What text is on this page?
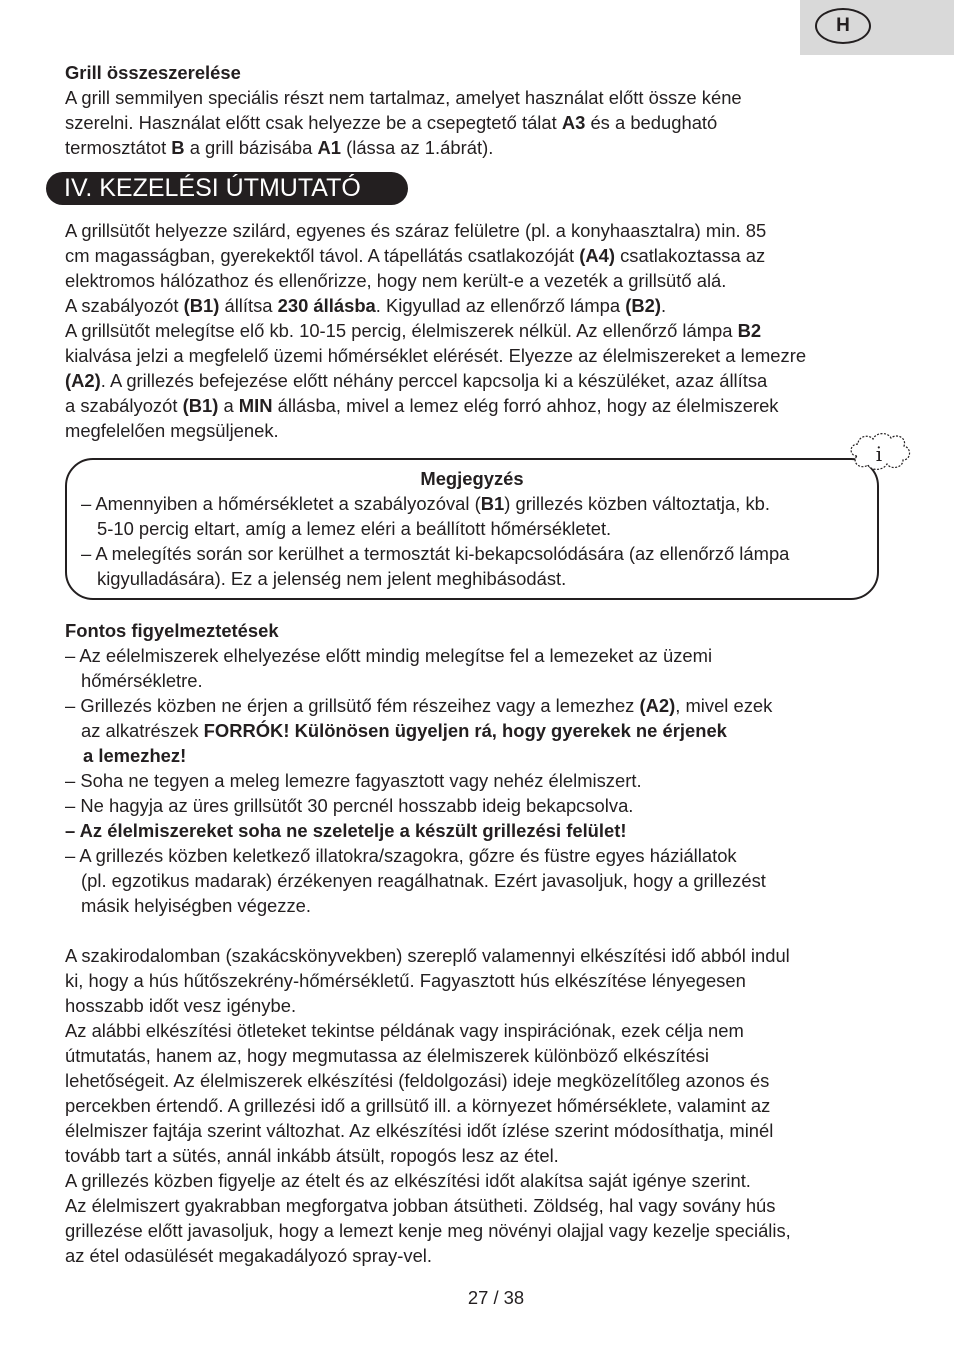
H
Grill összeszerelése
A grill semmilyen speciális részt nem tartalmaz, amelyet használat előtt össze kéne
szerelni. Használat előtt csak helyezze be a csepegtető tálat A3 és a bedugható
termosztátot B a grill bázisába A1 (lássa az 1.ábrát).
IV. KEZELÉSI ÚTMUTATÓ
A grillsütőt helyezze szilárd, egyenes és száraz felületre (pl. a konyhaasztalra) min. 85
cm magasságban, gyerekektől távol. A tápellátás csatlakozóját (A4) csatlakoztassa az
elektromos hálózathoz és ellenőrizze, hogy nem került-e a vezeték a grillsütő alá.
A szabályozót (B1) állítsa 230 állásba. Kigyullad az ellenőrző lámpa (B2).
A grillsütőt melegítse elő kb. 10-15 percig, élelmiszerek nélkül. Az ellenőrző lámpa B2
kialvása jelzi a megfelelő üzemi hőmérséklet elérését. Elyezze az élelmiszereket a lemezre
(A2). A grillezés befejezése előtt néhány perccel kapcsolja ki a készüléket, azaz állítsa
a szabályozót (B1) a MIN állásba, mivel a lemez elég forró ahhoz, hogy az élelmiszerek
megfelelően megsüljenek.
i
Megjegyzés
– Amennyiben a hőmérsékletet a szabályozóval (B1) grillezés közben változtatja, kb.
5-10 percig eltart, amíg a lemez eléri a beállított hőmérsékletet.
– A melegítés során sor kerülhet a termosztát ki-bekapcsolódására (az ellenőrző lámpa
kigyulladására). Ez a jelenség nem jelent meghibásodást.
Fontos figyelmeztetések
– Az eélelmiszerek elhelyezése előtt mindig melegítse fel a lemezeket az üzemi
hőmérsékletre.
– Grillezés közben ne érjen a grillsütő fém részeihez vagy a lemezhez (A2), mivel ezek
az alkatrészek FORRÓK! Különösen ügyeljen rá, hogy gyerekek ne érjenek
a lemezhez!
– Soha ne tegyen a meleg lemezre fagyasztott vagy nehéz élelmiszert.
– Ne hagyja az üres grillsütőt 30 percnél hosszabb ideig bekapcsolva.
– Az élelmiszereket soha ne szeletelje a készült grillezési felület!
– A grillezés közben keletkező illatokra/szagokra, gőzre és füstre egyes háziállatok
(pl. egzotikus madarak) érzékenyen reagálhatnak. Ezért javasoljuk, hogy a grillezést
másik helyiségben végezze.
A szakirodalomban (szakácskönyvekben) szereplő valamennyi elkészítési idő abból indul
ki, hogy a hús hűtőszekrény-hőmérsékletű. Fagyasztott hús elkészítése lényegesen
hosszabb időt vesz igénybe.
Az alábbi elkészítési ötleteket tekintse példának vagy inspirációnak, ezek célja nem
útmutatás, hanem az, hogy megmutassa az élelmiszerek különböző elkészítési
lehetőségeit. Az élelmiszerek elkészítési (feldolgozási) ideje megközelítőleg azonos és
percekben értendő. A grillezési idő a grillsütő ill. a környezet hőmérséklete, valamint az
élelmiszer fajtája szerint változhat. Az elkészítési időt ízlése szerint módosíthatja, minél
tovább tart a sütés, annál inkább átsült, ropogós lesz az étel.
A grillezés közben figyelje az ételt és az elkészítési időt alakítsa saját igénye szerint.
Az élelmiszert gyakrabban megforgatva jobban átsütheti. Zöldség, hal vagy sovány hús
grillezése előtt javasoljuk, hogy a lemezt kenje meg növényi olajjal vagy kezelje speciális,
az étel odasülését megakadályozó spray-vel.
27 / 38
